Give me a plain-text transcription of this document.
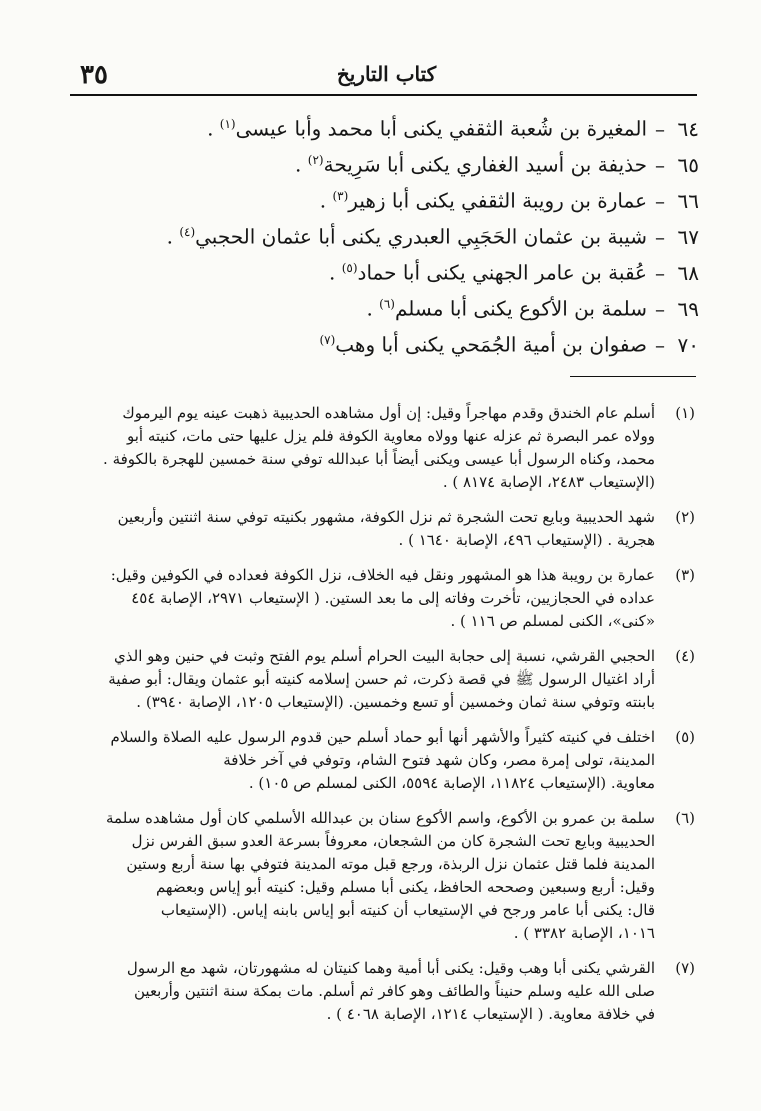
٣٥	كتاب التاريخ
٦٤–المغيرة بن شُعبة الثقفي يكنى أبا محمد وأبا عيسى$^{(١)}$ .
٦٥–حذيفة بن أسيد الغفاري يكنى أبا سَرِيحة$^{(٢)}$ .
٦٦–عمارة بن رويبة الثقفي يكنى أبا زهير$^{(٣)}$ .
٦٧–شيبة بن عثمان الحَجَبِي العبدري يكنى أبا عثمان الحجبي$^{(٤)}$ .
٦٨–عُقبة بن عامر الجهني يكنى أبا حماد$^{(٥)}$ .
٦٩–سلمة بن الأكوع يكنى أبا مسلم$^{(٦)}$ .
٧٠–صفوان بن أمية الجُمَحي يكنى أبا وهب$^{(٧)}$
(١)
أسلم عام الخندق وقدم مهاجراً وقيل: إن أول مشاهده الحديبية ذهبت عينه يوم اليرموك
وولاه عمر البصرة ثم عزله عنها وولاه معاوية الكوفة فلم يزل عليها حتى مات، كنيته أبو
محمد، وكناه الرسول أبا عيسى ويكنى أيضاً أبا عبدالله توفي سنة خمسين للهجرة بالكوفة .
(الإستيعاب ٢٤٨٣، الإصابة ٨١٧٤ ) .
(٢)
شهد الحديبية وبايع تحت الشجرة ثم نزل الكوفة، مشهور بكنيته توفي سنة اثنتين وأربعين
هجرية . (الإستيعاب ٤٩٦، الإصابة ١٦٤٠ ) .
(٣)
عمارة بن رويبة هذا هو المشهور ونقل فيه الخلاف، نزل الكوفة فعداده في الكوفين وقيل:
عداده في الحجازيين، تأخرت وفاته إلى ما بعد الستين. ( الإستيعاب ٢٩٧١، الإصابة ٤٥٤
«كنى»، الكنى لمسلم ص ١١٦ ) .
(٤)
الحجبي القرشي، نسبة إلى حجابة البيت الحرام أسلم يوم الفتح وثبت في حنين وهو الذي
أراد اغتيال الرسول ﷺ في قصة ذكرت، ثم حسن إسلامه كنيته أبو عثمان ويقال: أبو صفية
بابنته وتوفي سنة ثمان وخمسين أو تسع وخمسين. (الإستيعاب ١٢٠٥، الإصابة ٣٩٤٠) .
(٥)
اختلف في كنيته كثيراً والأشهر أنها أبو حماد أسلم حين قدوم الرسول عليه الصلاة والسلام
المدينة، تولى إمرة مصر، وكان شهد فتوح الشام، وتوفي في آخر خلافة
معاوية. (الإستيعاب ١١٨٢٤، الإصابة ٥٥٩٤، الكنى لمسلم ص ١٠٥) .
(٦)
سلمة بن عمرو بن الأكوع، واسم الأكوع سنان بن عبدالله الأسلمي كان أول مشاهده سلمة
الحديبية وبايع تحت الشجرة كان من الشجعان، معروفاً بسرعة العدو سبق الفرس نزل
المدينة فلما قتل عثمان نزل الربذة، ورجع قبل موته المدينة فتوفي بها سنة أربع وستين
وقيل: أربع وسبعين وصححه الحافظ، يكنى أبا مسلم وقيل: كنيته أبو إياس وبعضهم
قال: يكنى أبا عامر ورجح في الإستيعاب أن كنيته أبو إياس بابنه إياس. (الإستيعاب
١٠١٦، الإصابة ٣٣٨٢ ) .
(٧)
القرشي يكنى أبا وهب وقيل: يكنى أبا أمية وهما كنيتان له مشهورتان، شهد مع الرسول
صلى الله عليه وسلم حنيناً والطائف وهو كافر ثم أسلم. مات بمكة سنة اثنتين وأربعين
في خلافة معاوية. ( الإستيعاب ١٢١٤، الإصابة ٤٠٦٨ ) .
